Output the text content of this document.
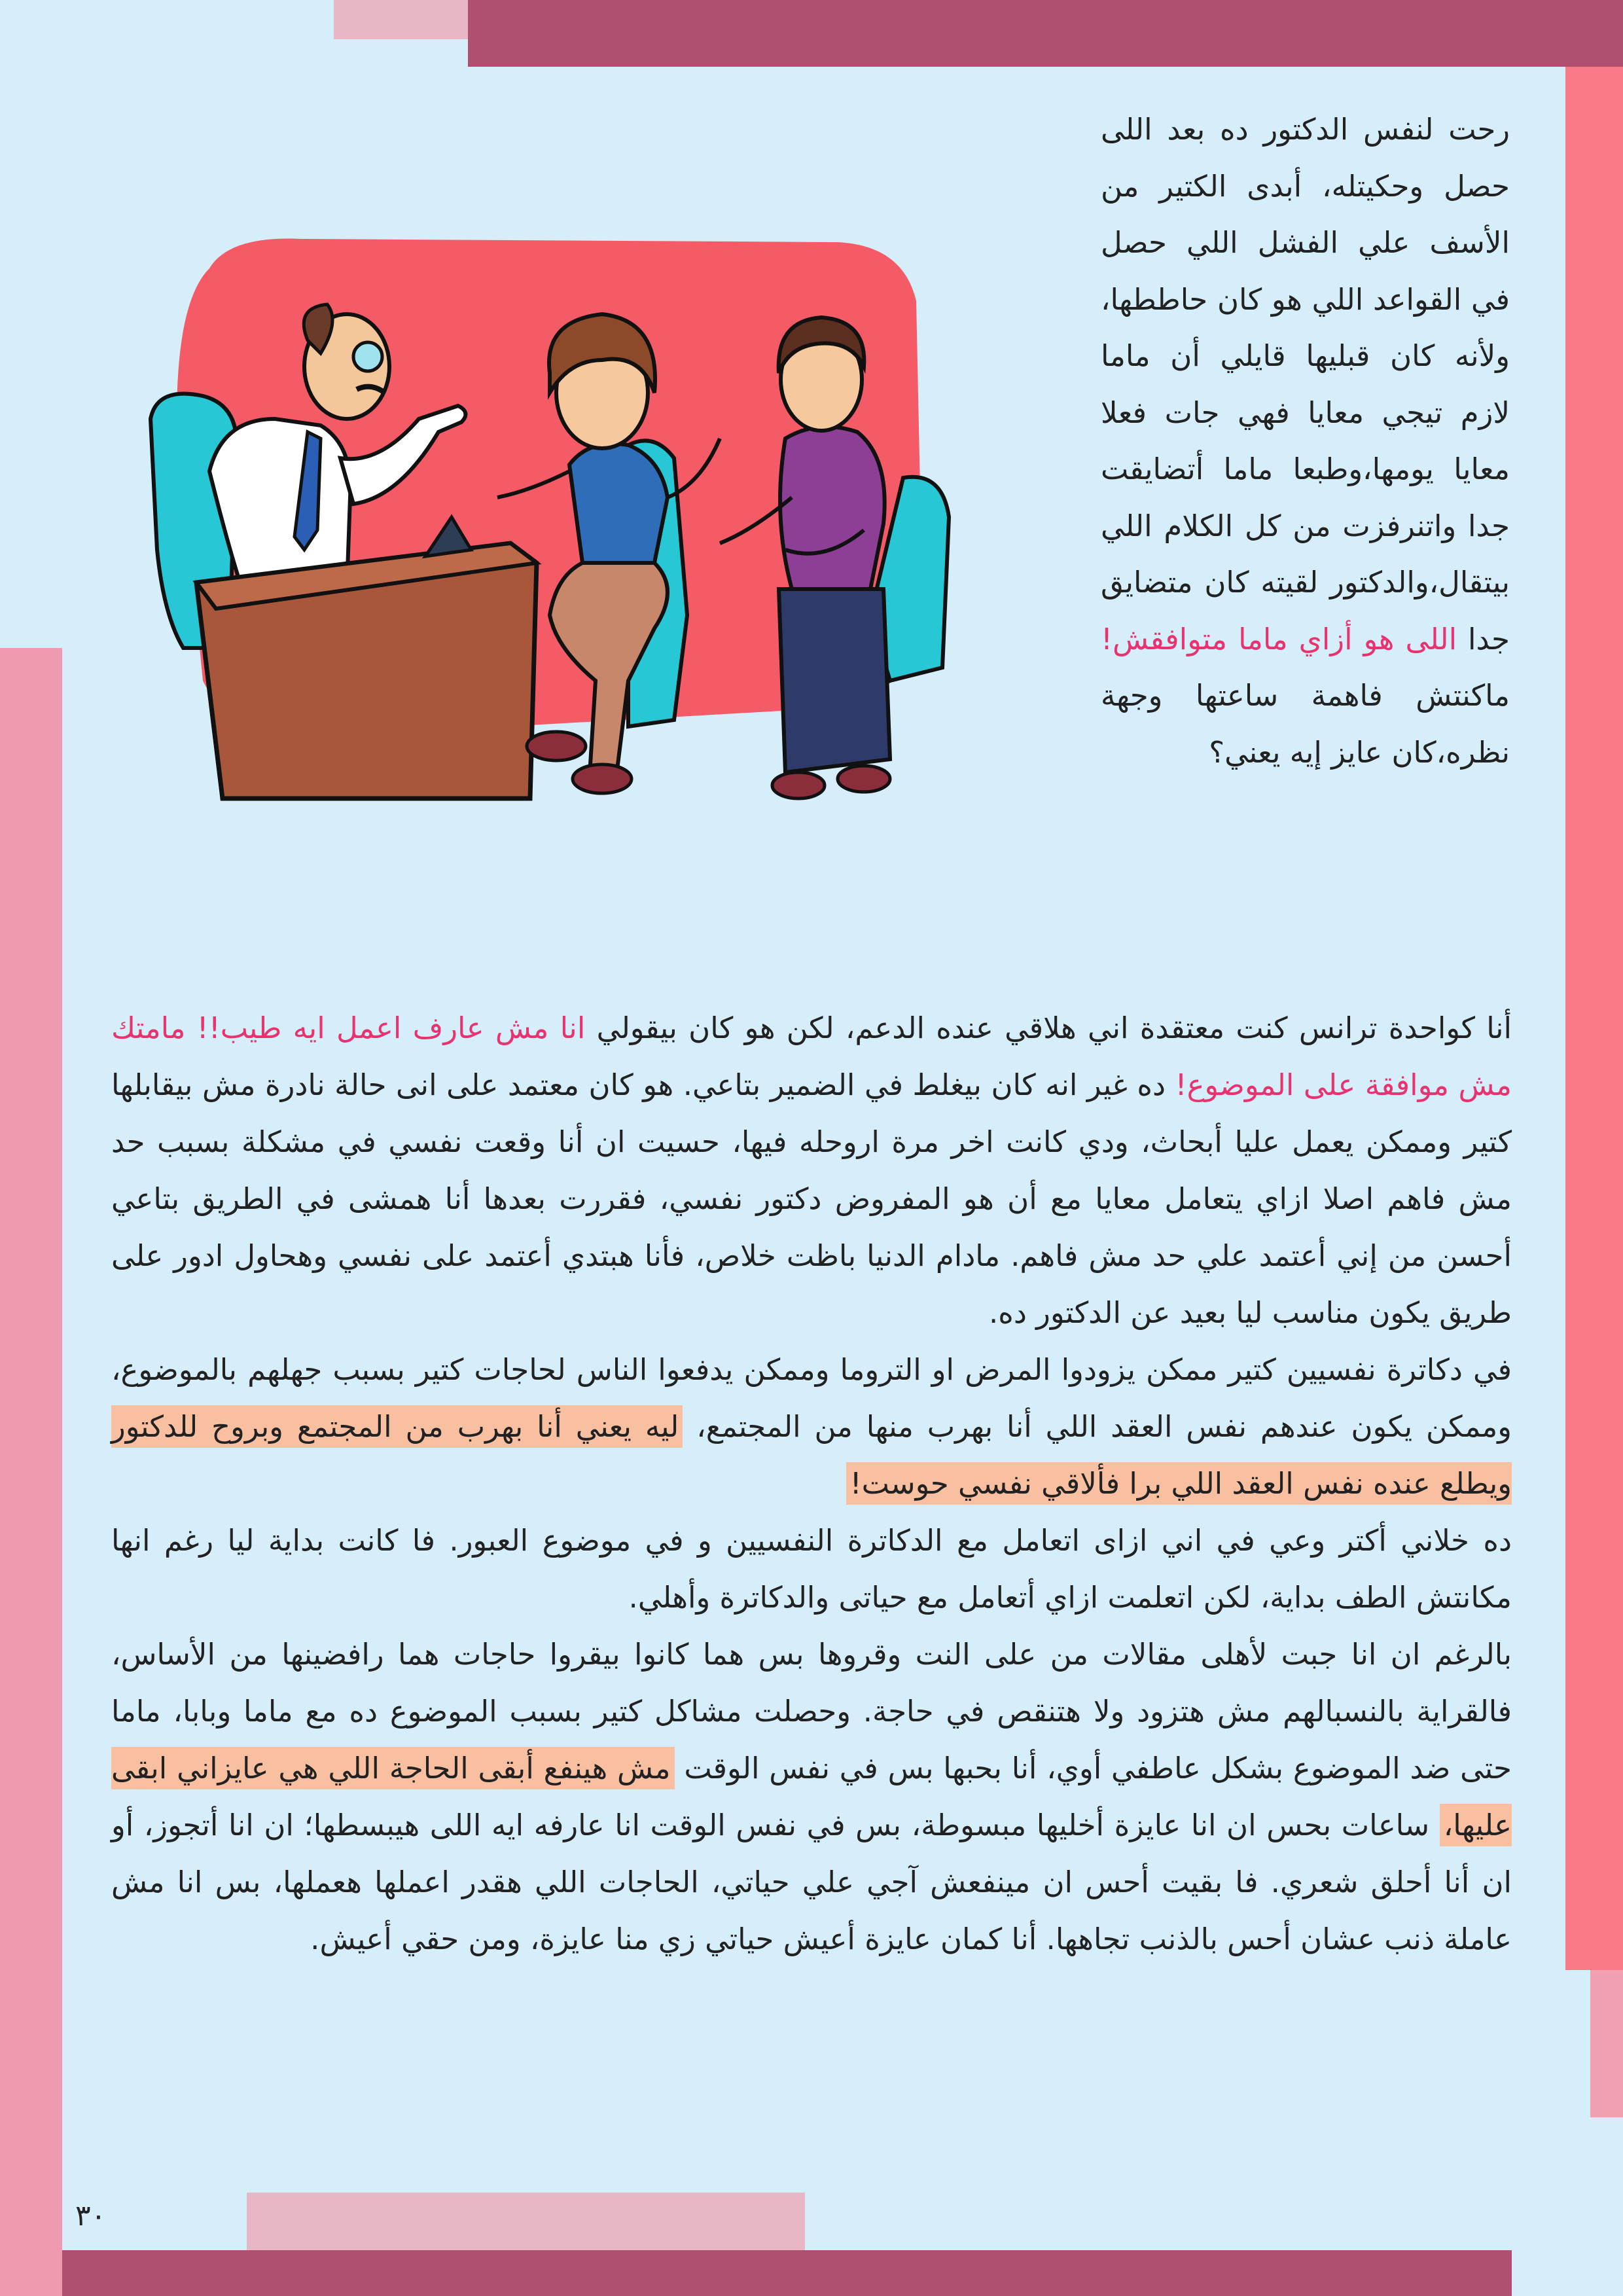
رحت لنفس الدكتور ده بعد اللى حصل وحكيتله، أبدى الكتير من الأسف علي الفشل اللي حصل في القواعد اللي هو كان حاططها، ولأنه كان قبليها قايلي أن ماما لازم تيجي معايا فهي جات فعلا معايا يومها،وطبعا ماما أتضايقت جدا واتنرفزت من كل الكلام اللي بيتقال،والدكتور لقيته كان متضايق جدا اللى هو أزاي ماما متوافقش! ماكنتش فاهمة ساعتها وجهة نظره،كان عايز إيه يعني؟

أنا كواحدة ترانس كنت معتقدة اني هلاقي عنده الدعم، لكن هو كان بيقولي انا مش عارف اعمل ايه طيب!! مامتك مش موافقة على الموضوع! ده غير انه كان بيغلط في الضمير بتاعي. هو كان معتمد على انى حالة نادرة مش بيقابلها كتير وممكن يعمل عليا أبحاث، ودي كانت اخر مرة اروحله فيها، حسيت ان أنا وقعت نفسي في مشكلة بسبب حد مش فاهم اصلا ازاي يتعامل معايا مع أن هو المفروض دكتور نفسي، فقررت بعدها أنا همشى في الطريق بتاعي أحسن من إني أعتمد علي حد مش فاهم. مادام الدنيا باظت خلاص، فأنا هبتدي أعتمد على نفسي وهحاول ادور على طريق يكون مناسب ليا بعيد عن الدكتور ده.

في دكاترة نفسيين كتير ممكن يزودوا المرض او التروما وممكن يدفعوا الناس لحاجات كتير بسبب جهلهم بالموضوع، وممكن يكون عندهم نفس العقد اللي أنا بهرب منها من المجتمع، ليه يعني أنا بهرب من المجتمع وبروح للدكتور ويطلع عنده نفس العقد اللي برا فألاقي نفسي حوست!

ده خلاني أكتر وعي في اني ازاى اتعامل مع الدكاترة النفسيين و في موضوع العبور. فا كانت بداية ليا رغم انها مكانتش الطف بداية، لكن اتعلمت ازاي أتعامل مع حياتى والدكاترة وأهلي.

بالرغم ان انا جبت لأهلى مقالات من على النت وقروها بس هما كانوا بيقروا حاجات هما رافضينها من الأساس، فالقراية بالنسبالهم مش هتزود ولا هتنقص في حاجة. وحصلت مشاكل كتير بسبب الموضوع ده مع ماما وبابا، ماما حتى ضد الموضوع بشكل عاطفي أوي، أنا بحبها بس في نفس الوقت مش هينفع أبقى الحاجة اللي هي عايزاني ابقى عليها، ساعات بحس ان انا عايزة أخليها مبسوطة، بس في نفس الوقت انا عارفه ايه اللى هيبسطها؛ ان انا أتجوز، أو ان أنا أحلق شعري. فا بقيت أحس ان مينفعش آجي علي حياتي، الحاجات اللي هقدر اعملها هعملها، بس انا مش عاملة ذنب عشان أحس بالذنب تجاهها. أنا كمان عايزة أعيش حياتي زي منا عايزة، ومن حقي أعيش.

٣٠
